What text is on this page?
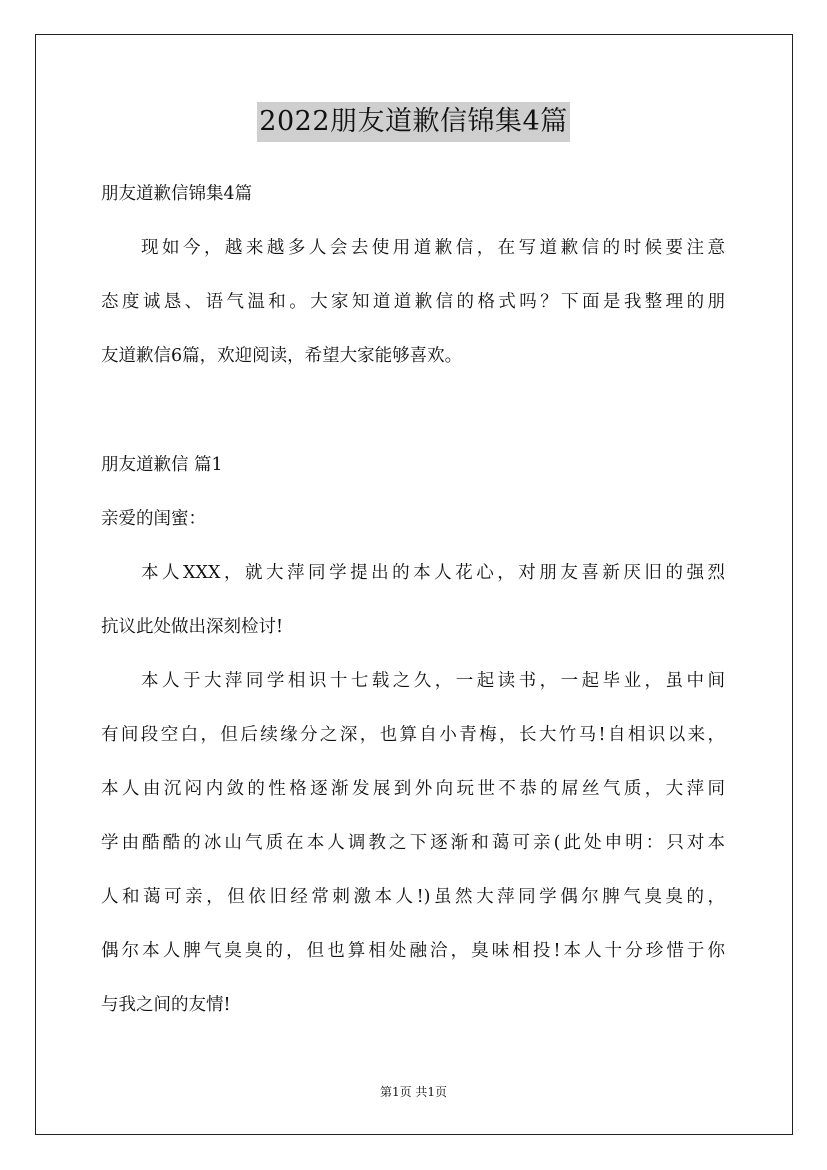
2022朋友道歉信锦集4篇
朋友道歉信锦集4篇
现如今，越来越多人会去使用道歉信，在写道歉信的时候要注意
态度诚恳、语气温和。大家知道道歉信的格式吗？下面是我整理的朋
友道歉信6篇，欢迎阅读，希望大家能够喜欢。
朋友道歉信 篇1
亲爱的闺蜜：
本人XXX，就大萍同学提出的本人花心，对朋友喜新厌旧的强烈
抗议此处做出深刻检讨!
本人于大萍同学相识十七载之久，一起读书，一起毕业，虽中间
有间段空白，但后续缘分之深，也算自小青梅，长大竹马!自相识以来，
本人由沉闷内敛的性格逐渐发展到外向玩世不恭的屌丝气质，大萍同
学由酷酷的冰山气质在本人调教之下逐渐和蔼可亲(此处申明：只对本
人和蔼可亲，但依旧经常刺激本人!)虽然大萍同学偶尔脾气臭臭的，
偶尔本人脾气臭臭的，但也算相处融洽，臭味相投!本人十分珍惜于你
与我之间的友情!
第1页 共1页
